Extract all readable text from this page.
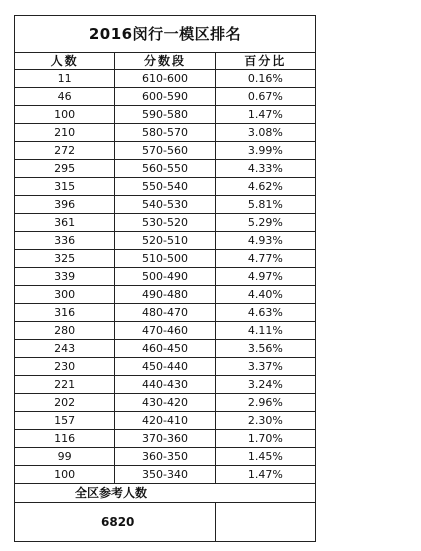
2016闵行一模区排名		
人数	分数段	百分比
11	610-600	0.16%
46	600-590	0.67%
100	590-580	1.47%
210	580-570	3.08%
272	570-560	3.99%
295	560-550	4.33%
315	550-540	4.62%
396	540-530	5.81%
361	530-520	5.29%
336	520-510	4.93%
325	510-500	4.77%
339	500-490	4.97%
300	490-480	4.40%
316	480-470	4.63%
280	470-460	4.11%
243	460-450	3.56%
230	450-440	3.37%
221	440-430	3.24%
202	430-420	2.96%
157	420-410	2.30%
116	370-360	1.70%
99	360-350	1.45%
100	350-340	1.47%
全区参考人数		
6820		
